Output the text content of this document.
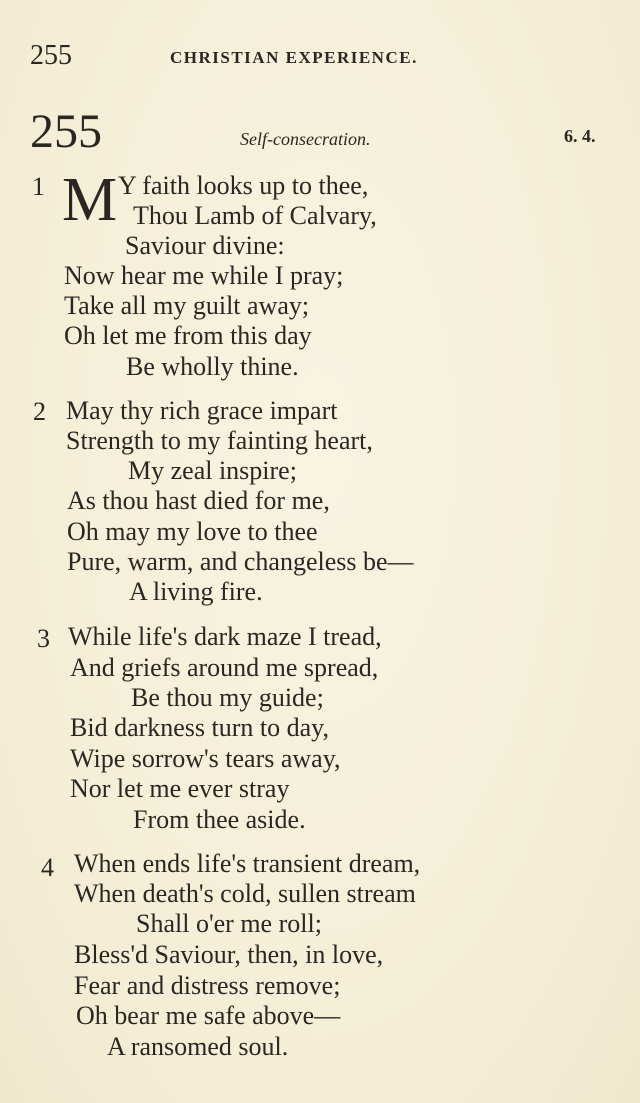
255	CHRISTIAN EXPERIENCE.
255	Self-consecration.	6. 4.
1 M Y faith looks up to thee,
Thou Lamb of Calvary,
Saviour divine:
Now hear me while I pray;
Take all my guilt away;
Oh let me from this day
Be wholly thine.
2 May thy rich grace impart
Strength to my fainting heart,
My zeal inspire;
As thou hast died for me,
Oh may my love to thee
Pure, warm, and changeless be—
A living fire.
3 While life's dark maze I tread,
And griefs around me spread,
Be thou my guide;
Bid darkness turn to day,
Wipe sorrow's tears away,
Nor let me ever stray
From thee aside.
4 When ends life's transient dream,
When death's cold, sullen stream
Shall o'er me roll;
Bless'd Saviour, then, in love,
Fear and distress remove;
Oh bear me safe above—
A ransomed soul.
